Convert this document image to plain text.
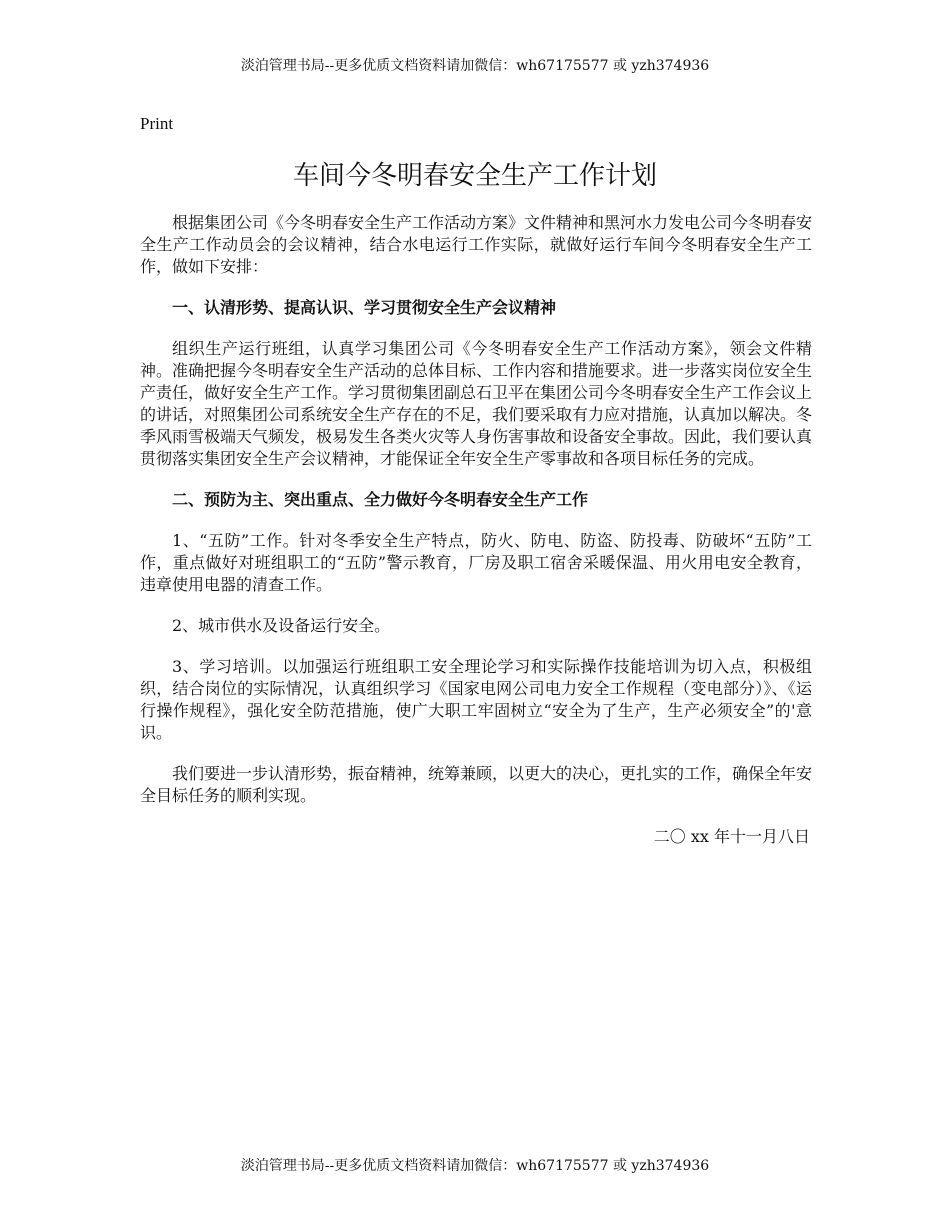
淡泊管理书局--更多优质文档资料请加微信：wh67175577 或 yzh374936
Print
车间今冬明春安全生产工作计划

根据集团公司《今冬明春安全生产工作活动方案》文件精神和黑河水力发电公司今冬明春安全生产工作动员会的会议精神，结合水电运行工作实际，就做好运行车间今冬明春安全生产工作，做如下安排：

一、认清形势、提高认识、学习贯彻安全生产会议精神

组织生产运行班组，认真学习集团公司《今冬明春安全生产工作活动方案》，领会文件精神。准确把握今冬明春安全生产活动的总体目标、工作内容和措施要求。进一步落实岗位安全生产责任，做好安全生产工作。学习贯彻集团副总石卫平在集团公司今冬明春安全生产工作会议上的讲话，对照集团公司系统安全生产存在的不足，我们要采取有力应对措施，认真加以解决。冬季风雨雪极端天气频发，极易发生各类火灾等人身伤害事故和设备安全事故。因此，我们要认真贯彻落实集团安全生产会议精神，才能保证全年安全生产零事故和各项目标任务的完成。

二、预防为主、突出重点、全力做好今冬明春安全生产工作

1、“五防”工作。针对冬季安全生产特点，防火、防电、防盗、防投毒、防破坏“五防”工作，重点做好对班组职工的“五防”警示教育，厂房及职工宿舍采暖保温、用火用电安全教育，违章使用电器的清查工作。

2、城市供水及设备运行安全。

3、学习培训。以加强运行班组职工安全理论学习和实际操作技能培训为切入点，积极组织，结合岗位的实际情况，认真组织学习《国家电网公司电力安全工作规程（变电部分）》、《运行操作规程》，强化安全防范措施，使广大职工牢固树立“安全为了生产，生产必须安全”的'意识。

我们要进一步认清形势，振奋精神，统筹兼顾，以更大的决心，更扎实的工作，确保全年安全目标任务的顺利实现。

二〇 xx 年十一月八日

淡泊管理书局--更多优质文档资料请加微信：wh67175577 或 yzh374936
